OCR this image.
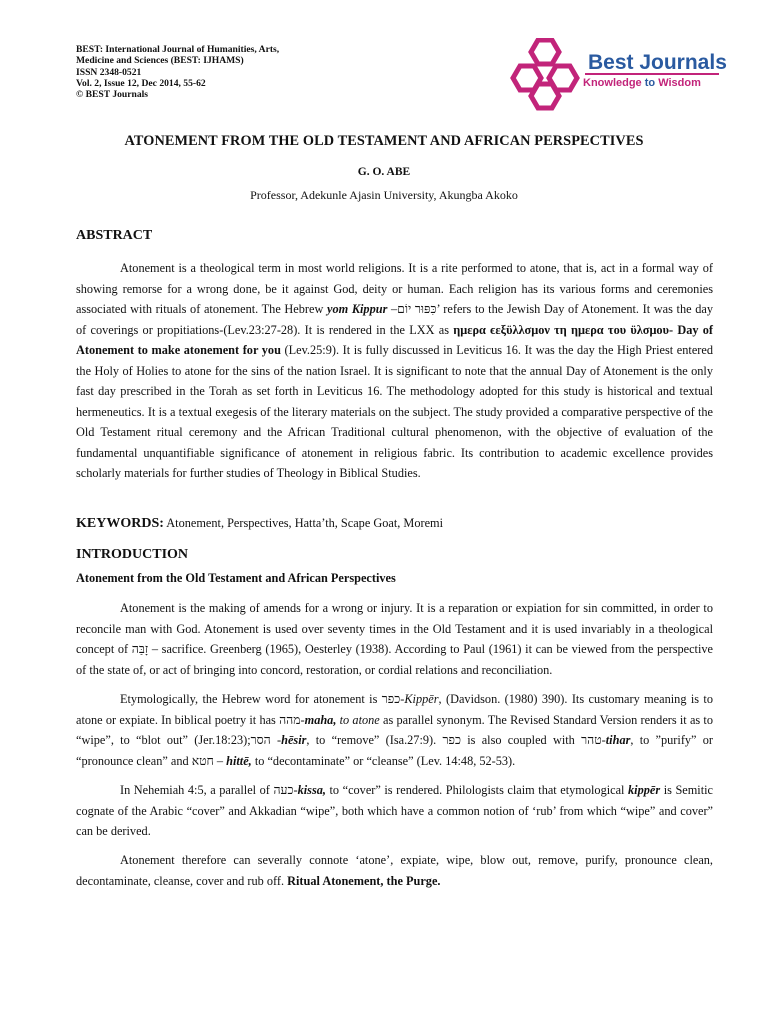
BEST: International Journal of Humanities, Arts,
Medicine and Sciences (BEST: IJHAMS)
ISSN 2348-0521
Vol. 2, Issue 12, Dec 2014, 55-62
© BEST Journals
Best Journals
Knowledge to Wisdom
ATONEMENT FROM THE OLD TESTAMENT AND AFRICAN PERSPECTIVES
G. O. ABE
Professor, Adekunle Ajasin University, Akungba Akoko
ABSTRACT

Atonement is a theological term in most world religions. It is a rite performed to atone, that is, act in a formal way of showing remorse for a wrong done, be it against God, deity or human. Each religion has its various forms and ceremonies associated with rituals of atonement. The Hebrew yom Kippur –כִּפּוּר יוֹם’ refers to the Jewish Day of Atonement. It was the day of coverings or propitiations-(Lev.23:27-28). It is rendered in the LXX as ημερα ϵεξϋλλσμον τη ημερα του ϋλσμου- Day of Atonement to make atonement for you (Lev.25:9). It is fully discussed in Leviticus 16. It was the day the High Priest entered the Holy of Holies to atone for the sins of the nation Israel. It is significant to note that the annual Day of Atonement is the only fast day prescribed in the Torah as set forth in Leviticus 16. The methodology adopted for this study is historical and textual hermeneutics. It is a textual exegesis of the literary materials on the subject. The study provided a comparative perspective of the Old Testament ritual ceremony and the African Traditional cultural phenomenon, with the objective of evaluation of the fundamental unquantifiable significance of atonement in religious fabric. Its contribution to academic excellence provides scholarly materials for further studies of Theology in Biblical Studies.

KEYWORDS: Atonement, Perspectives, Hatta’th, Scape Goat, Moremi
INTRODUCTION
Atonement from the Old Testament and African Perspectives

Atonement is the making of amends for a wrong or injury. It is a reparation or expiation for sin committed, in order to reconcile man with God. Atonement is used over seventy times in the Old Testament and it is used invariably in a theological concept of זָבַּה – sacrifice. Greenberg (1965), Oesterley (1938). According to Paul (1961) it can be viewed from the perspective of the state of, or act of bringing into concord, restoration, or cordial relations and reconciliation.

Etymologically, the Hebrew word for atonement is כפר-Kippēr, (Davidson. (1980) 390). Its customary meaning is to atone or expiate. In biblical poetry it has מהה-maha, to atone as parallel synonym. The Revised Standard Version renders it as to “wipe”, to “blot out” (Jer.18:23);הסר -hēsir, to “remove” (Isa.27:9). כפר is also coupled with טהר-tihar, to ”purify” or “pronounce clean” and חטא – hittē, to “decontaminate” or “cleanse” (Lev. 14:48, 52-53).

In Nehemiah 4:5, a parallel of כעה-kissa, to “cover” is rendered. Philologists claim that etymological kippēr is Semitic cognate of the Arabic “cover” and Akkadian “wipe”, both which have a common notion of ‘rub’ from which “wipe” and cover” can be derived.

Atonement therefore can severally connote ‘atone’, expiate, wipe, blow out, remove, purify, pronounce clean, decontaminate, cleanse, cover and rub off. Ritual Atonement, the Purge.
